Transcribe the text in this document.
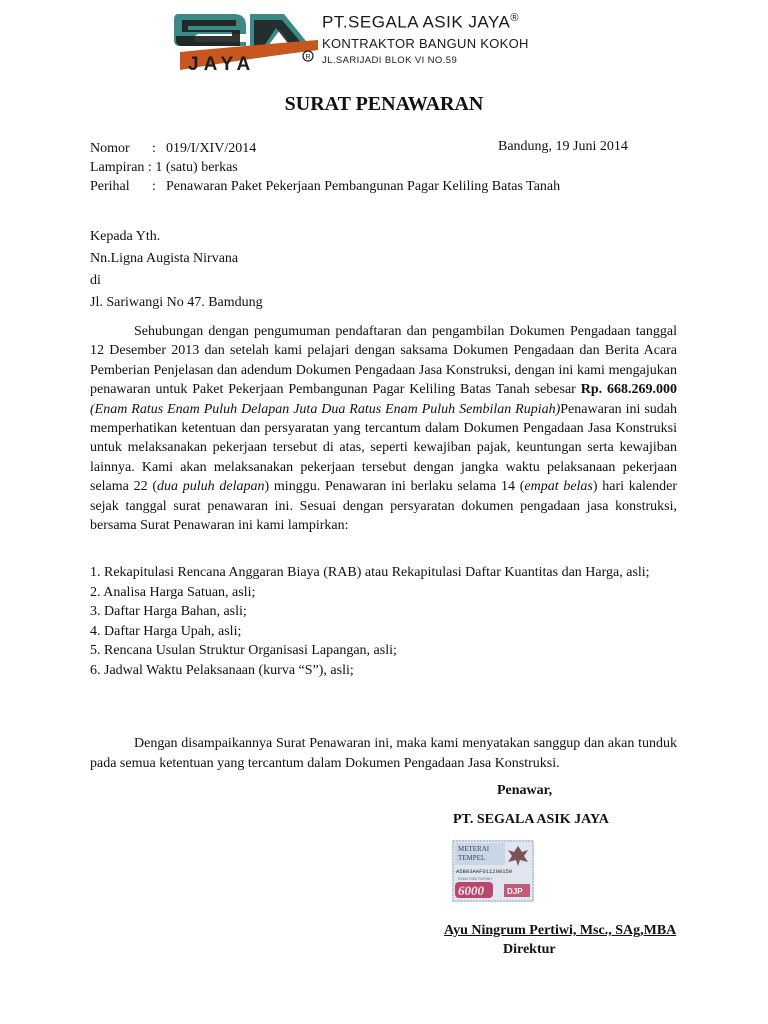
JAYA	R
PT.SEGALA ASIK JAYA®
KONTRAKTOR BANGUN KOKOH
JL.SARIJADI BLOK VI NO.59
SURAT PENAWARAN
Nomor : 019/I/XIV/2014
Lampiran : 1 (satu) berkas
Perihal : Penawaran Paket Pekerjaan Pembangunan Pagar Keliling Batas Tanah
Bandung, 19 Juni 2014
Kepada Yth.
Nn.Ligna Augista Nirvana
di
Jl. Sariwangi No 47. Bamdung

Sehubungan dengan pengumuman pendaftaran dan pengambilan Dokumen Pengadaan tanggal 12 Desember 2013 dan setelah kami pelajari dengan saksama Dokumen Pengadaan dan Berita Acara Pemberian Penjelasan dan adendum Dokumen Pengadaan Jasa Konstruksi, dengan ini kami mengajukan penawaran untuk Paket Pekerjaan Pembangunan Pagar Keliling Batas Tanah sebesar Rp. 668.269.000 (Enam Ratus Enam Puluh Delapan Juta Dua Ratus Enam Puluh Sembilan Rupiah)Penawaran ini sudah memperhatikan ketentuan dan persyaratan yang tercantum dalam Dokumen Pengadaan Jasa Konstruksi untuk melaksanakan pekerjaan tersebut di atas, seperti kewajiban pajak, keuntungan serta kewajiban lainnya. Kami akan melaksanakan pekerjaan tersebut dengan jangka waktu pelaksanaan pekerjaan selama 22 (dua puluh delapan) minggu. Penawaran ini berlaku selama 14 (empat belas) hari kalender sejak tanggal surat penawaran ini. Sesuai dengan persyaratan dokumen pengadaan jasa konstruksi, bersama Surat Penawaran ini kami lampirkan:

1. Rekapitulasi Rencana Anggaran Biaya (RAB) atau Rekapitulasi Daftar Kuantitas dan Harga, asli;
2. Analisa Harga Satuan, asli;
3. Daftar Harga Bahan, asli;
4. Daftar Harga Upah, asli;
5. Rencana Usulan Struktur Organisasi Lapangan, asli;
6. Jadwal Waktu Pelaksanaan (kurva “S”), asli;

Dengan disampaikannya Surat Penawaran ini, maka kami menyatakan sanggup dan akan tunduk pada semua ketentuan yang tercantum dalam Dokumen Pengadaan Jasa Konstruksi.

Penawar,
PT. SEGALA ASIK JAYA
METERAI
TEMPEL
A5B03AAF011200150
ENAM RIBU RUPIAH
6000	DJP
Ayu Ningrum Pertiwi, Msc., SAg,MBA
Direktur
